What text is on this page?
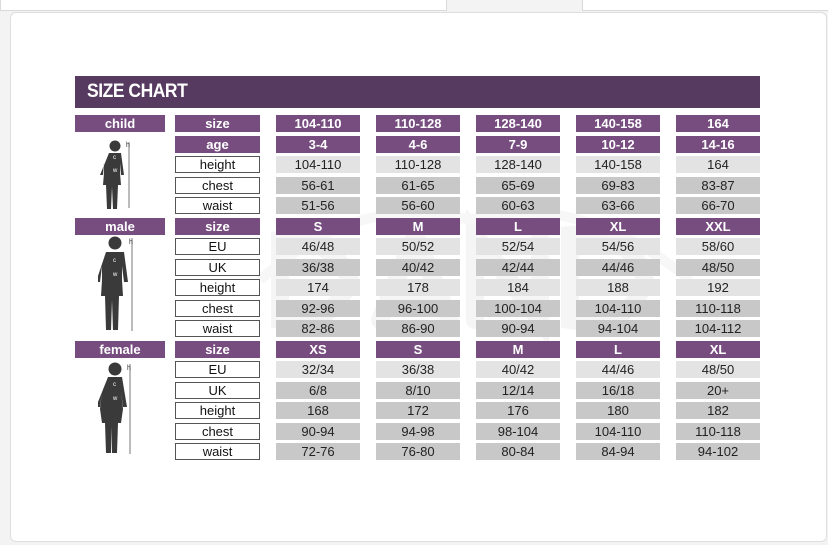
SIZE CHART
child	size	104-110	110-128	128-140	140-158	164
age	3-4	4-6	7-9	10-12	14-16
height	104-110	110-128	128-140	140-158	164
chest	56-61	61-65	65-69	69-83	83-87
waist	51-56	56-60	60-63	63-66	66-70
male	size	S	M	L	XL	XXL
EU	46/48	50/52	52/54	54/56	58/60
UK	36/38	40/42	42/44	44/46	48/50
height	174	178	184	188	192
chest	92-96	96-100	100-104	104-110	110-118
waist	82-86	86-90	90-94	94-104	104-112
female	size	XS	S	M	L	XL
EU	32/34	36/38	40/42	44/46	48/50
UK	6/8	8/10	12/14	16/18	20+
height	168	172	176	180	182
chest	90-94	94-98	98-104	104-110	110-118
waist	72-76	76-80	80-84	84-94	94-102
h
c
w
h
c
w
h
c
w
